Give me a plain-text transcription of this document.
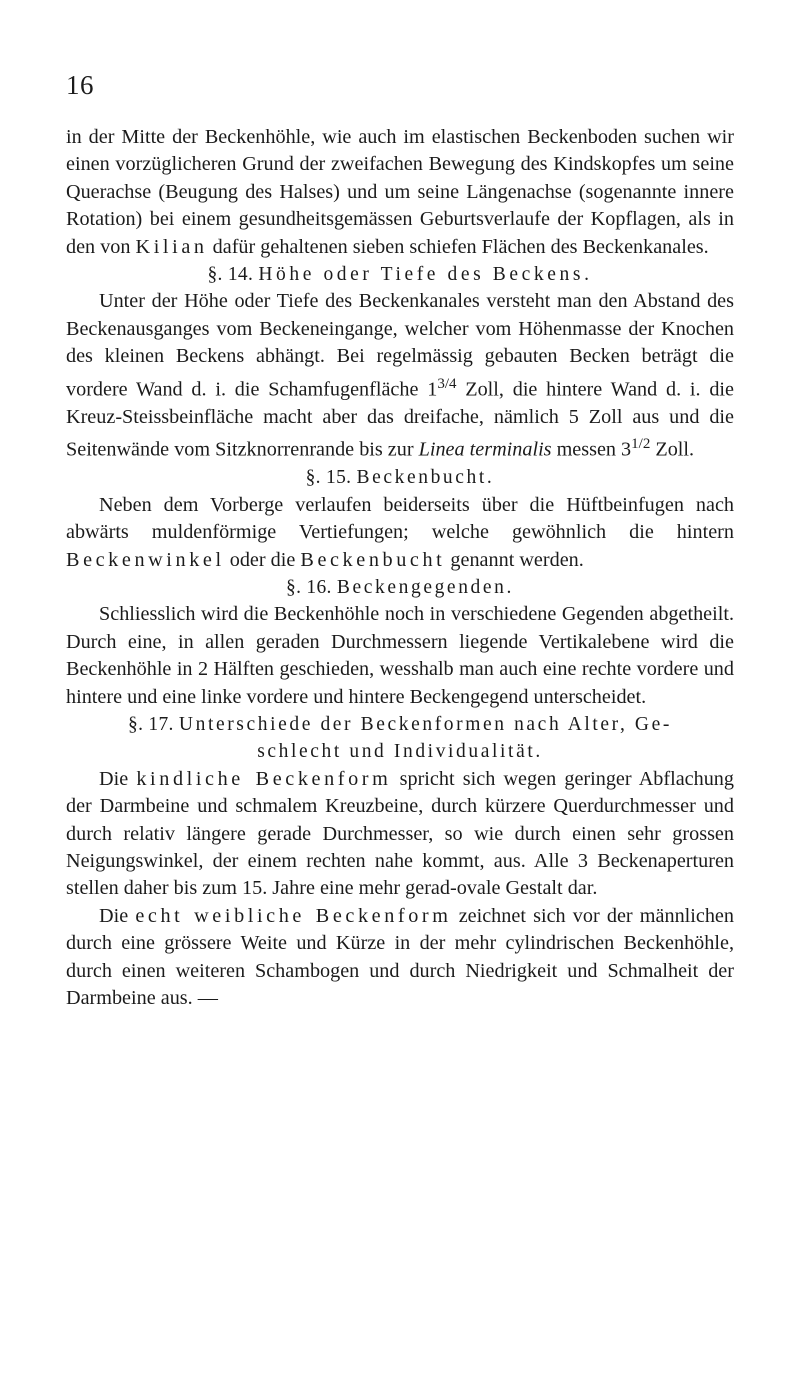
16

in der Mitte der Beckenhöhle, wie auch im elastischen Beckenboden suchen wir einen vorzüglicheren Grund der zweifachen Bewegung des Kindskopfes um seine Querachse (Beugung des Halses) und um seine Längenachse (sogenannte innere Rotation) bei einem gesundheitsgemässen Geburtsverlaufe der Kopflagen, als in den von Kilian dafür gehaltenen sieben schiefen Flächen des Beckenkanales.

§. 14. Höhe oder Tiefe des Beckens.

Unter der Höhe oder Tiefe des Beckenkanales versteht man den Abstand des Beckenausganges vom Beckeneingange, welcher vom Höhenmasse der Knochen des kleinen Beckens abhängt. Bei regelmässig gebauten Becken beträgt die vordere Wand d. i. die Schamfugenfläche $1^{3/4}$ Zoll, die hintere Wand d. i. die Kreuz-Steissbeinfläche macht aber das dreifache, nämlich 5 Zoll aus und die Seitenwände vom Sitzknorrenrande bis zur Linea terminalis messen $3^{1/2}$ Zoll.

§. 15. Beckenbucht.

Neben dem Vorberge verlaufen beiderseits über die Hüftbeinfugen nach abwärts muldenförmige Vertiefungen; welche gewöhnlich die hintern Beckenwinkel oder die Beckenbucht genannt werden.

§. 16. Beckengegenden.

Schliesslich wird die Beckenhöhle noch in verschiedene Gegenden abgetheilt. Durch eine, in allen geraden Durchmessern liegende Vertikalebene wird die Beckenhöhle in 2 Hälften geschieden, wesshalb man auch eine rechte vordere und hintere und eine linke vordere und hintere Beckengegend unterscheidet.

§. 17. Unterschiede der Beckenformen nach Alter, Ge-
schlecht und Individualität.

Die kindliche Beckenform spricht sich wegen geringer Abflachung der Darmbeine und schmalem Kreuzbeine, durch kürzere Querdurchmesser und durch relativ längere gerade Durchmesser, so wie durch einen sehr grossen Neigungswinkel, der einem rechten nahe kommt, aus. Alle 3 Beckenaperturen stellen daher bis zum 15. Jahre eine mehr gerad-ovale Gestalt dar.

Die echt weibliche Beckenform zeichnet sich vor der männlichen durch eine grössere Weite und Kürze in der mehr cylindrischen Beckenhöhle, durch einen weiteren Schambogen und durch Niedrigkeit und Schmalheit der Darmbeine aus. —
